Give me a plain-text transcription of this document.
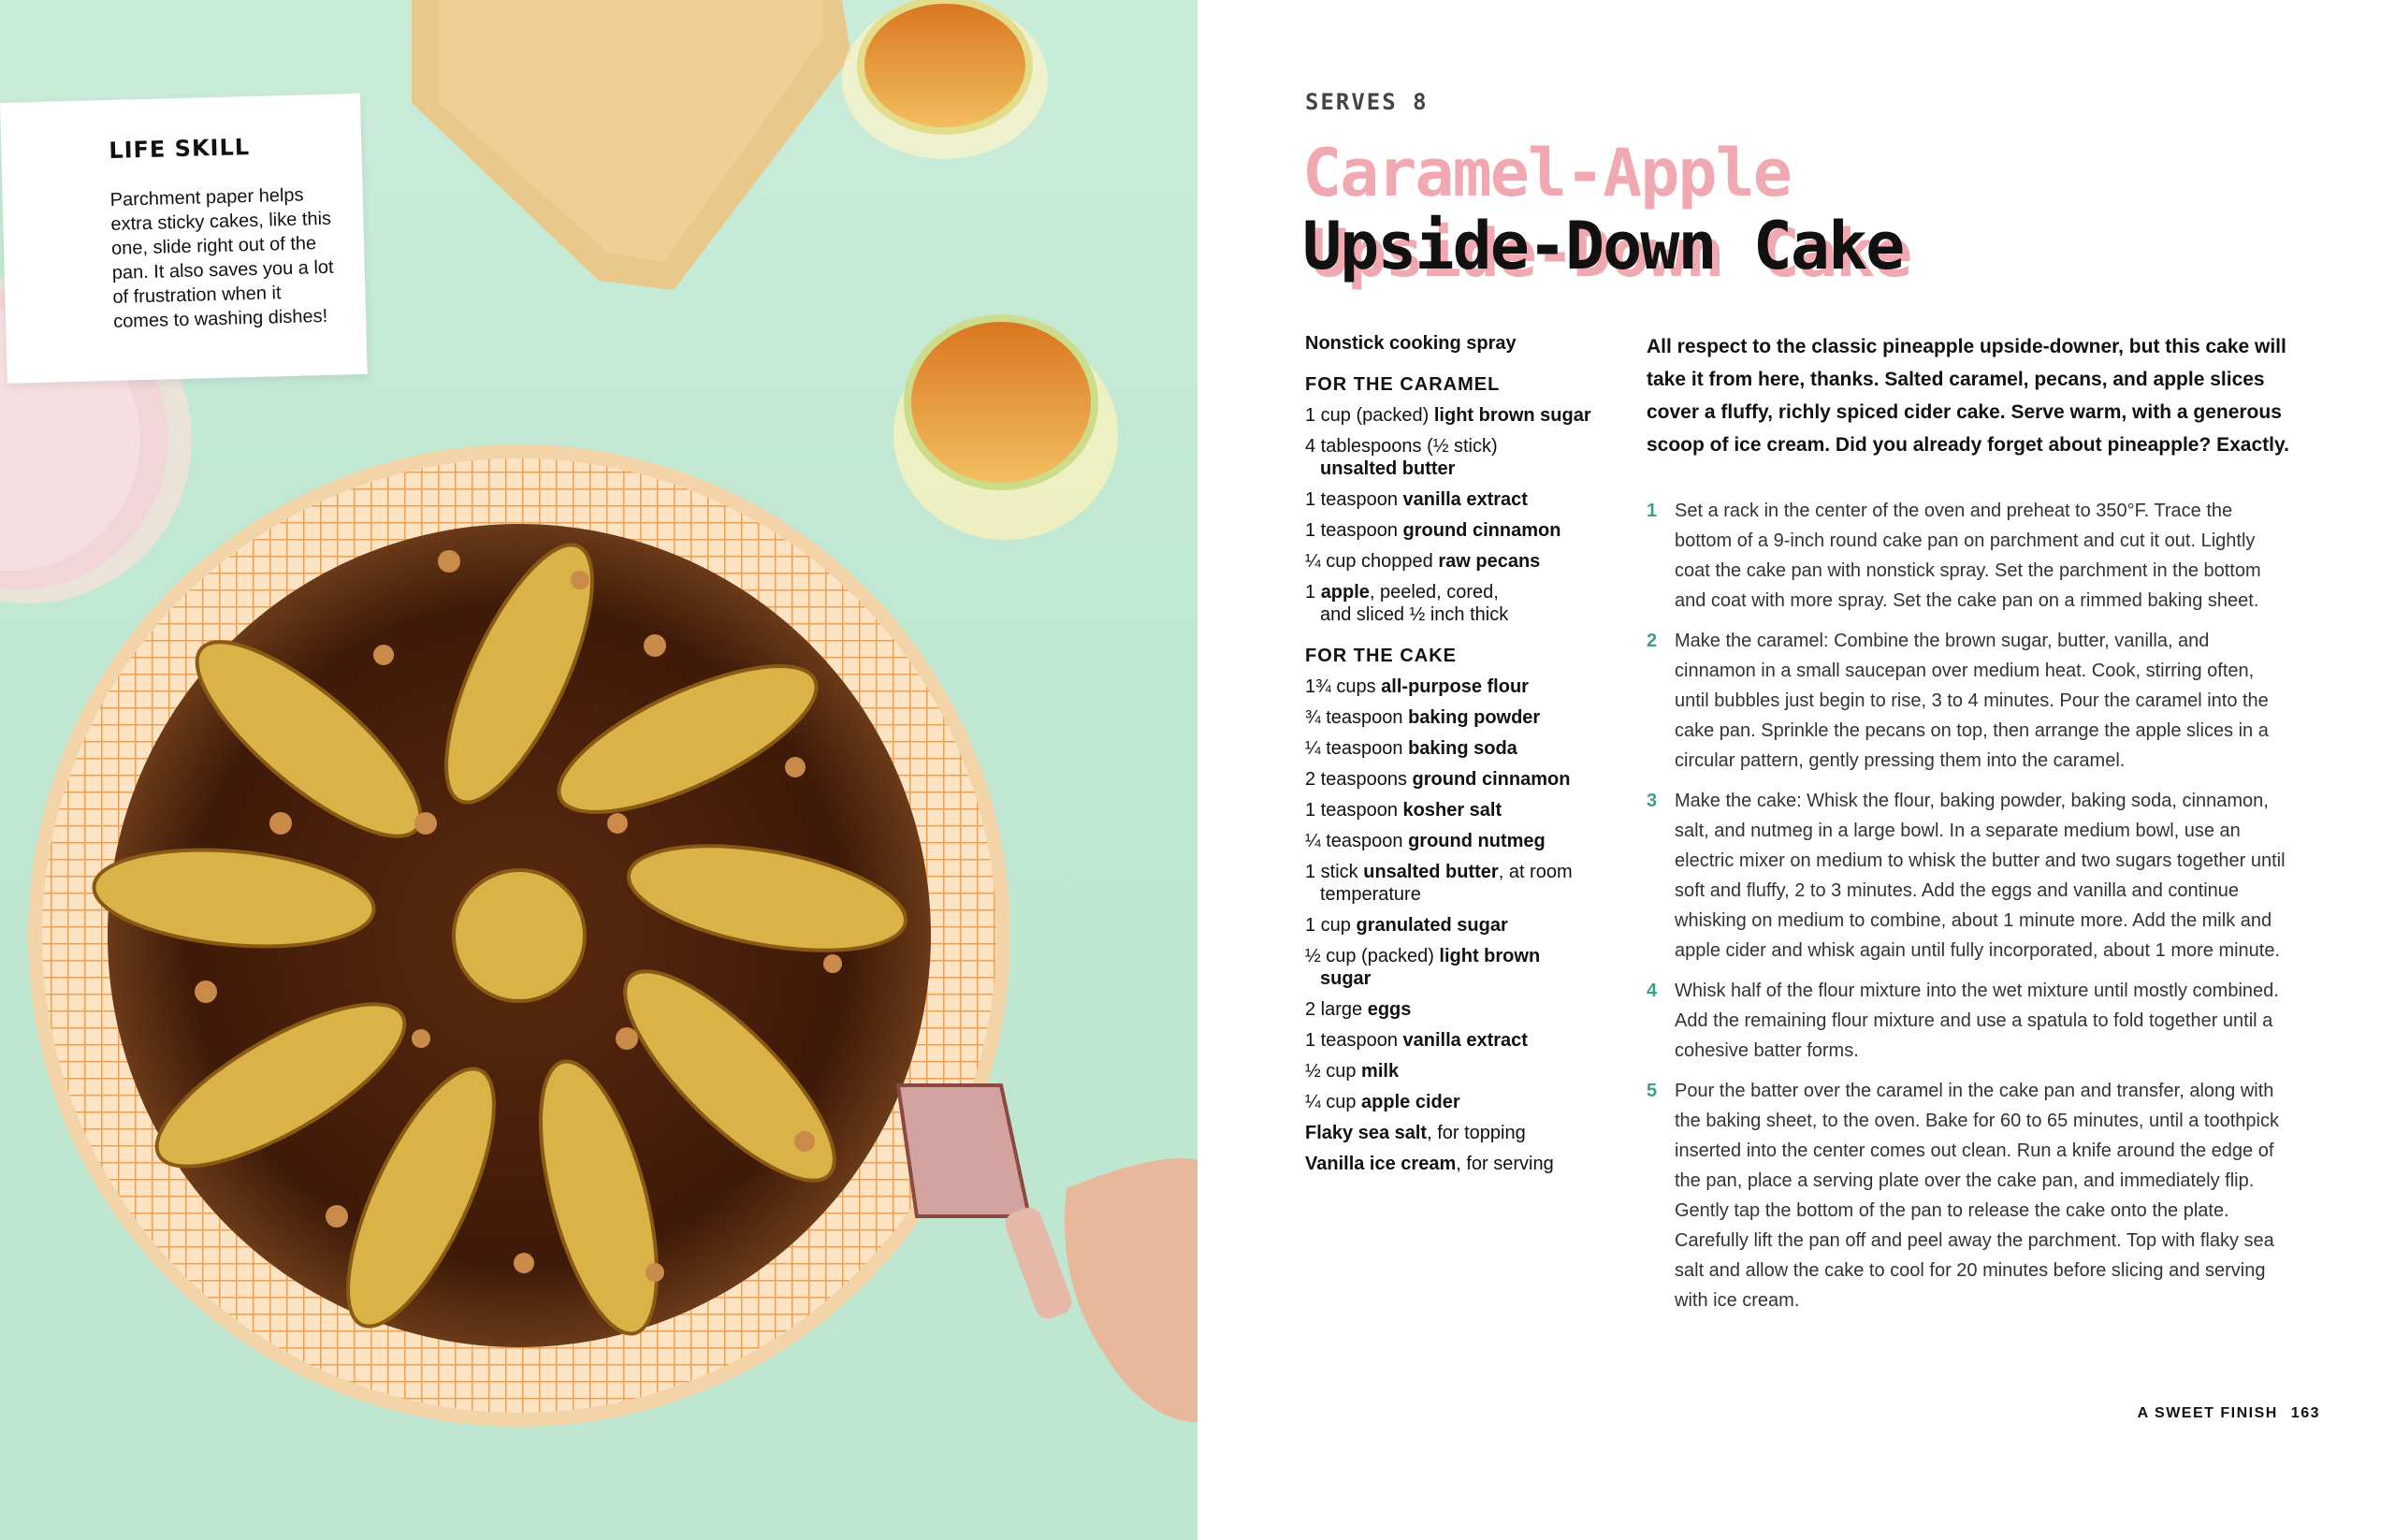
LIFE SKILL
Parchment paper helps extra sticky cakes, like this one, slide right out of the pan. It also saves you a lot of frustration when it comes to washing dishes!
SERVES 8
Caramel-Apple
Upside-Down Cake
Nonstick cooking spray
FOR THE CARAMEL
1 cup (packed) light brown sugar
4 tablespoons (½ stick)
unsalted butter
1 teaspoon vanilla extract
1 teaspoon ground cinnamon
¼ cup chopped raw pecans
1 apple, peeled, cored,
and sliced ½ inch thick
FOR THE CAKE
1¾ cups all-purpose flour
¾ teaspoon baking powder
¼ teaspoon baking soda
2 teaspoons ground cinnamon
1 teaspoon kosher salt
¼ teaspoon ground nutmeg
1 stick unsalted butter, at room
temperature
1 cup granulated sugar
½ cup (packed) light brown
sugar
2 large eggs
1 teaspoon vanilla extract
½ cup milk
¼ cup apple cider
Flaky sea salt, for topping
Vanilla ice cream, for serving
All respect to the classic pineapple upside-downer, but this cake will take it from here, thanks. Salted caramel, pecans, and apple slices cover a fluffy, richly spiced cider cake. Serve warm, with a generous scoop of ice cream. Did you already forget about pineapple? Exactly.
1 Set a rack in the center of the oven and preheat to 350°F. Trace the bottom of a 9-inch round cake pan on parchment and cut it out. Lightly coat the cake pan with nonstick spray. Set the parchment in the bottom and coat with more spray. Set the cake pan on a rimmed baking sheet.
2 Make the caramel: Combine the brown sugar, butter, vanilla, and cinnamon in a small saucepan over medium heat. Cook, stirring often, until bubbles just begin to rise, 3 to 4 minutes. Pour the caramel into the cake pan. Sprinkle the pecans on top, then arrange the apple slices in a circular pattern, gently pressing them into the caramel.
3 Make the cake: Whisk the flour, baking powder, baking soda, cinnamon, salt, and nutmeg in a large bowl. In a separate medium bowl, use an electric mixer on medium to whisk the butter and two sugars together until soft and fluffy, 2 to 3 minutes. Add the eggs and vanilla and continue whisking on medium to combine, about 1 minute more. Add the milk and apple cider and whisk again until fully incorporated, about 1 more minute.
4 Whisk half of the flour mixture into the wet mixture until mostly combined. Add the remaining flour mixture and use a spatula to fold together until a cohesive batter forms.
5 Pour the batter over the caramel in the cake pan and transfer, along with the baking sheet, to the oven. Bake for 60 to 65 minutes, until a toothpick inserted into the center comes out clean. Run a knife around the edge of the pan, place a serving plate over the cake pan, and immediately flip. Gently tap the bottom of the pan to release the cake onto the plate. Carefully lift the pan off and peel away the parchment. Top with flaky sea salt and allow the cake to cool for 20 minutes before slicing and serving with ice cream.
A SWEET FINISH 163
